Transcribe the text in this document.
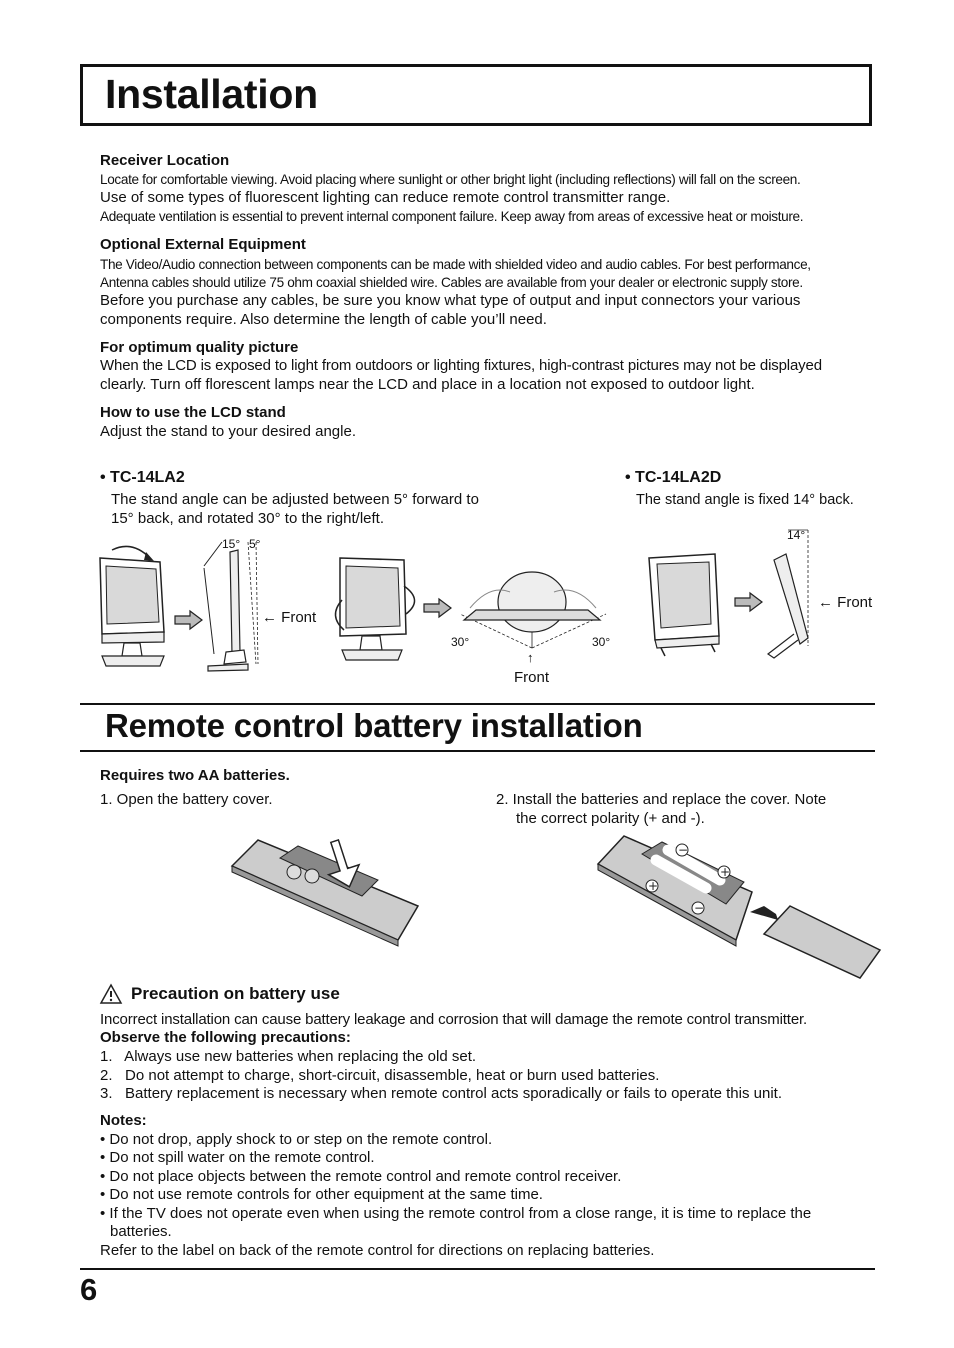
Installation
Receiver Location
Locate for comfortable viewing. Avoid placing where sunlight or other bright light (including reflections) will fall on the screen.
Use of some types of fluorescent lighting can reduce remote control transmitter range.
Adequate ventilation is essential to prevent internal component failure. Keep away from areas of excessive heat or moisture.
Optional External Equipment
The Video/Audio connection between components can be made with shielded video and audio cables. For best performance,
Antenna cables should utilize 75 ohm coaxial shielded wire. Cables are available from your dealer or electronic supply store.
Before you purchase any cables, be sure you know what type of output and input connectors your various
components require. Also determine the length of cable you’ll need.
For optimum quality picture
When the LCD is exposed to light from outdoors or lighting fixtures, high-contrast pictures may not be displayed
clearly. Turn off florescent lamps near the LCD and place in a location not exposed to outdoor light.
How to use the LCD stand
Adjust the stand to your desired angle.
• TC-14LA2
The stand angle can be adjusted between 5° forward to
15° back, and rotated 30° to the right/left.
• TC-14LA2D
The stand angle is fixed 14° back.
15° 5°
← Front
30°	30°
↑
Front
14°
← Front
Remote control battery installation
Requires two AA batteries.
1. Open the battery cover.	2. Install the batteries and replace the cover. Note
the correct polarity (+ and -).
−
+
+
−
Precaution on battery use
Incorrect installation can cause battery leakage and corrosion that will damage the remote control transmitter.
Observe the following precautions:
1.   Always use new batteries when replacing the old set.
2.   Do not attempt to charge, short-circuit, disassemble, heat or burn used batteries.
3.   Battery replacement is necessary when remote control acts sporadically or fails to operate this unit.
Notes:
• Do not drop, apply shock to or step on the remote control.
• Do not spill water on the remote control.
• Do not place objects between the remote control and remote control receiver.
• Do not use remote controls for other equipment at the same time.
• If the TV does not operate even when using the remote control from a close range, it is time to replace the
batteries.
Refer to the label on back of the remote control for directions on replacing batteries.
6
